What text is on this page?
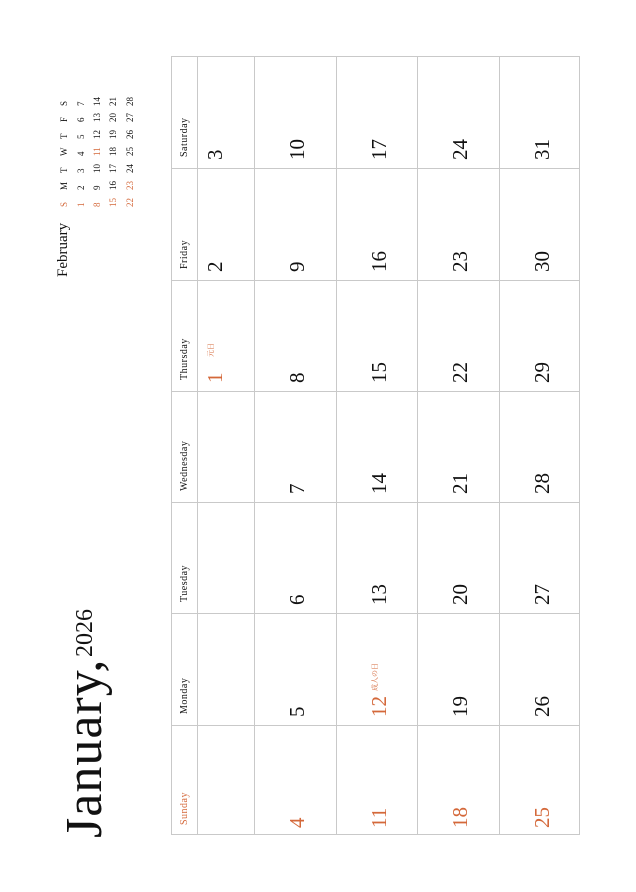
January,
2026
February
S
M
T
W
T
F
S
1
2
3
4
5
6
7
8
9
10
11
12
13
14
15
16
17
18
19
20
21
22
23
24
25
26
27
28
Sunday
Monday
Tuesday
Wednesday
Thursday
Friday
Saturday
1
元日
2
3
4
5
6
7
8
9
10
11
12
成人の日
13
14
15
16
17
18
19
20
21
22
23
24
25
26
27
28
29
30
31
